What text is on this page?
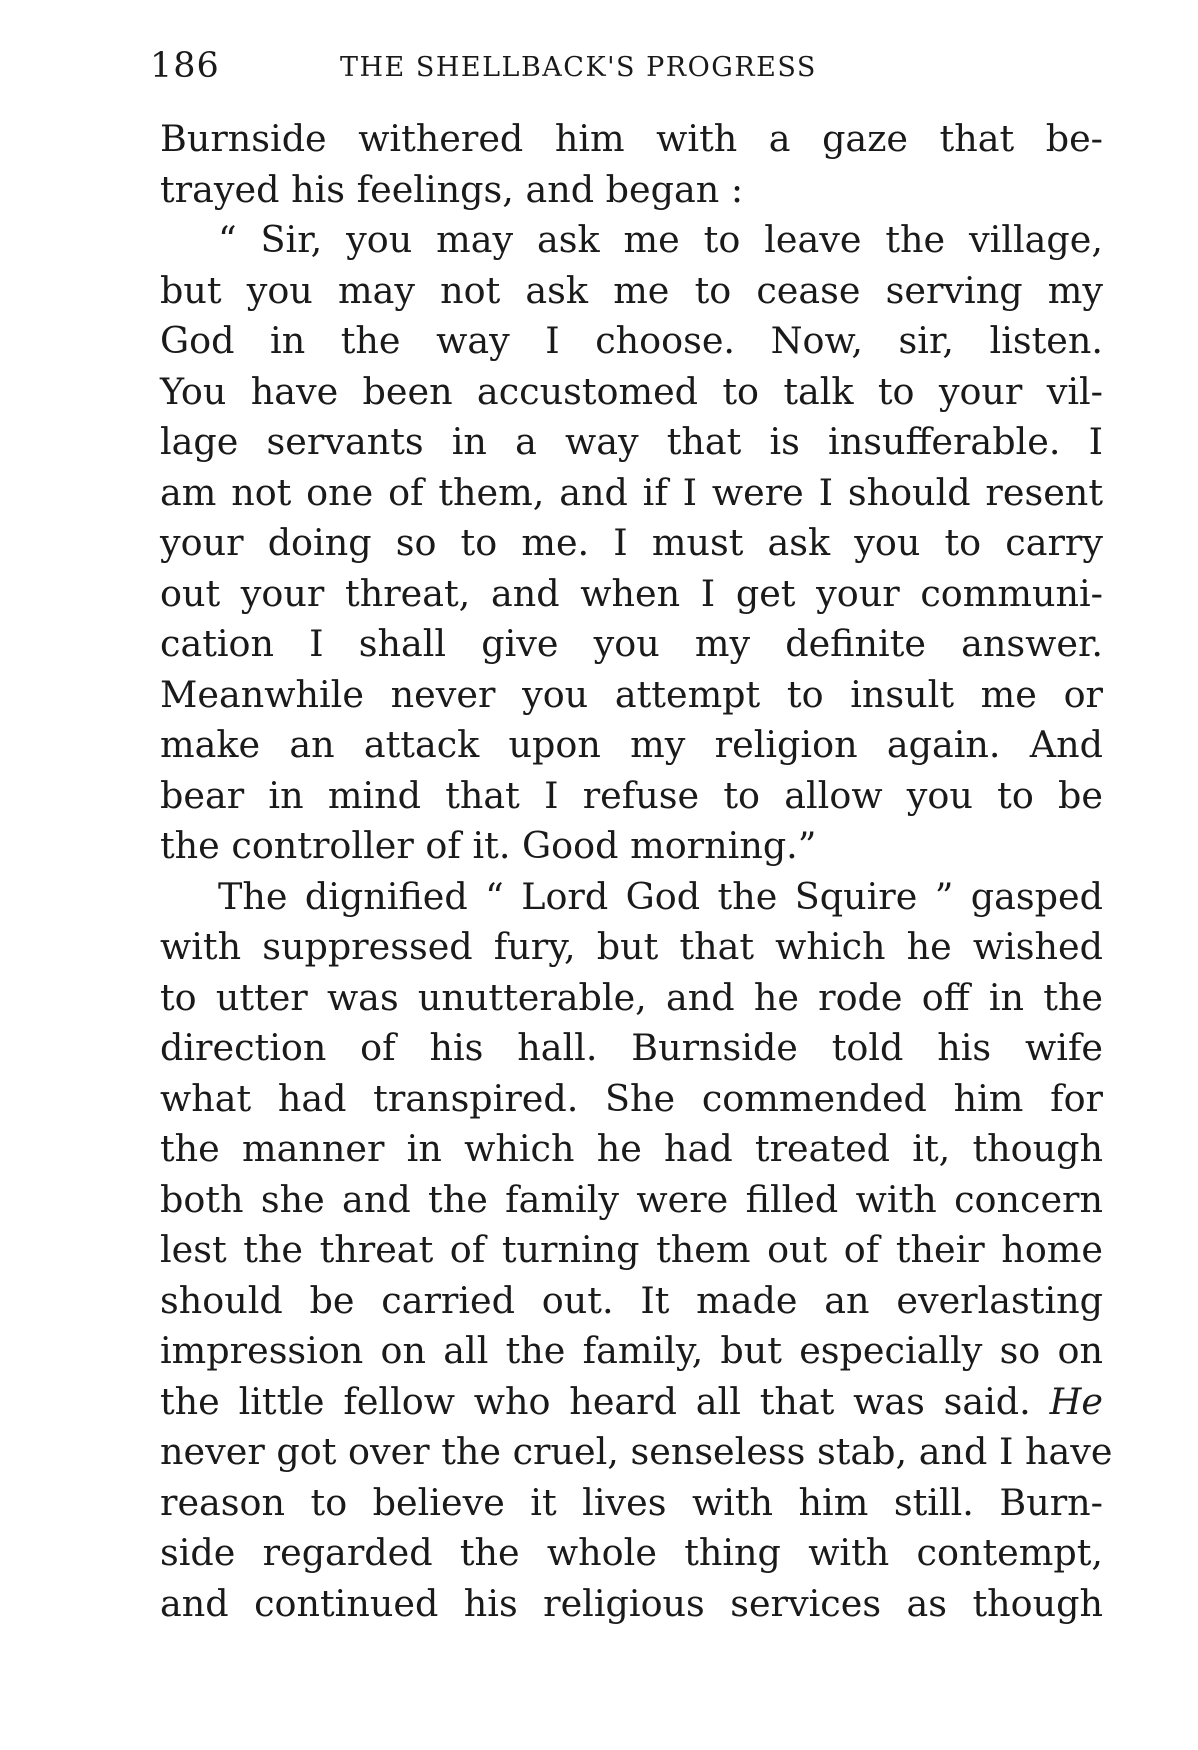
186	THE SHELLBACK'S PROGRESS
Burnside withered him with a gaze that be-
trayed his feelings, and began :
“ Sir, you may ask me to leave the village,
but you may not ask me to cease serving my
God in the way I choose. Now, sir, listen.
You have been accustomed to talk to your vil-
lage servants in a way that is insufferable. I
am not one of them, and if I were I should resent
your doing so to me. I must ask you to carry
out your threat, and when I get your communi-
cation I shall give you my definite answer.
Meanwhile never you attempt to insult me or
make an attack upon my religion again. And
bear in mind that I refuse to allow you to be
the controller of it. Good morning.”
The dignified “ Lord God the Squire ” gasped
with suppressed fury, but that which he wished
to utter was unutterable, and he rode off in the
direction of his hall. Burnside told his wife
what had transpired. She commended him for
the manner in which he had treated it, though
both she and the family were filled with concern
lest the threat of turning them out of their home
should be carried out. It made an everlasting
impression on all the family, but especially so on
the little fellow who heard all that was said. He
never got over the cruel, senseless stab, and I have
reason to believe it lives with him still. Burn-
side regarded the whole thing with contempt,
and continued his religious services as though
